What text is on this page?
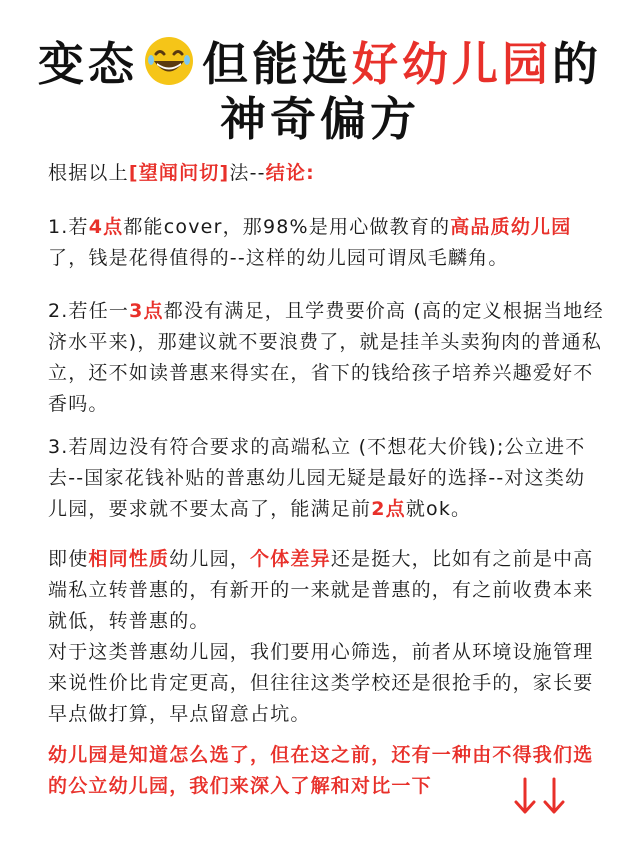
变态 但能选好幼儿园的
神奇偏方
根据以上[望闻问切]法--结论:
1.若4点都能cover，那98%是用心做教育的高品质幼儿园了，钱是花得值得的--这样的幼儿园可谓凤毛麟角。
2.若任一3点都没有满足，且学费要价高 (高的定义根据当地经济水平来)，那建议就不要浪费了，就是挂羊头卖狗肉的普通私立，还不如读普惠来得实在，省下的钱给孩子培养兴趣爱好不香吗。
3.若周边没有符合要求的高端私立 (不想花大价钱);公立进不去--国家花钱补贴的普惠幼儿园无疑是最好的选择--对这类幼儿园，要求就不要太高了，能满足前2点就ok。
即使相同性质幼儿园，个体差异还是挺大，比如有之前是中高端私立转普惠的，有新开的一来就是普惠的，有之前收费本来就低，转普惠的。
对于这类普惠幼儿园，我们要用心筛选，前者从环境设施管理来说性价比肯定更高，但往往这类学校还是很抢手的，家长要早点做打算，早点留意占坑。
幼儿园是知道怎么选了，但在这之前，还有一种由不得我们选的公立幼儿园，我们来深入了解和对比一下
